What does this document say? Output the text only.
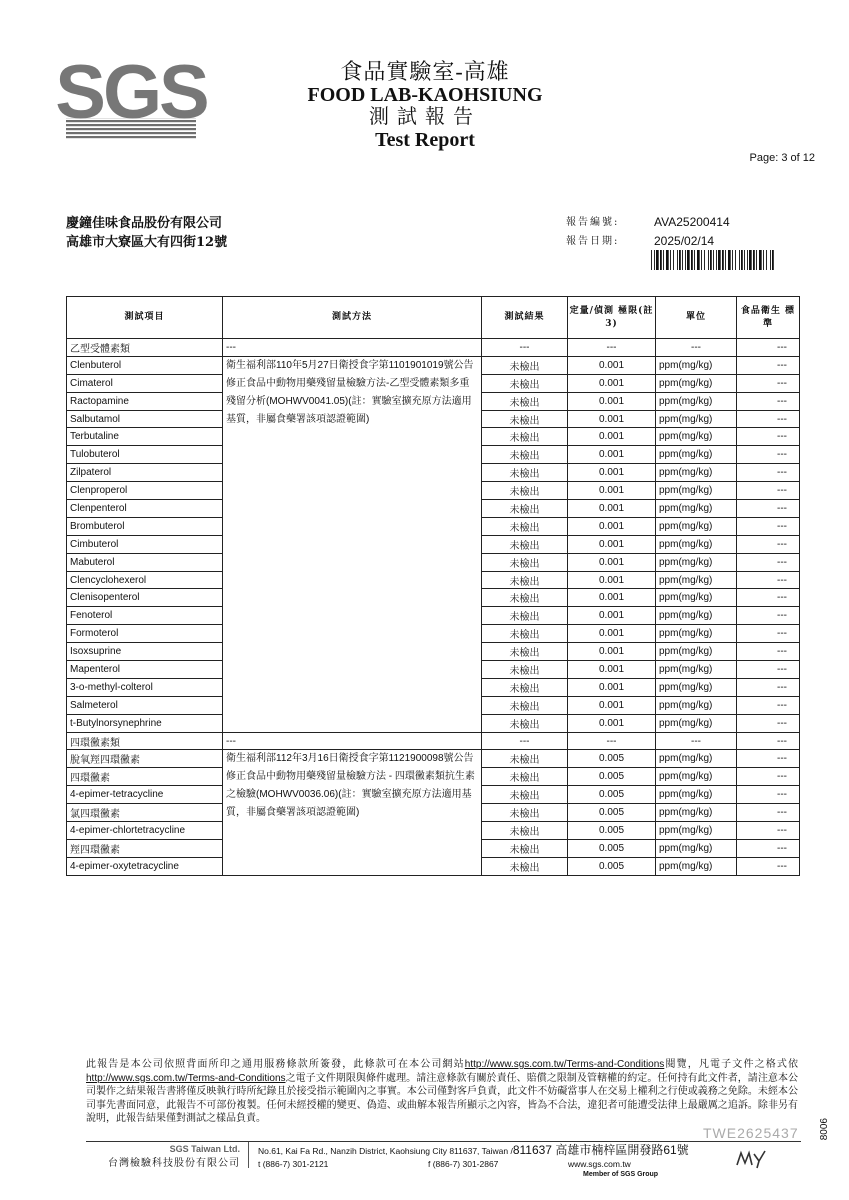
SGS	食品實驗室-高雄
FOOD LAB-KAOHSIUNG
測試報告
Test Report
Page: 3 of 12
慶鐘佳味食品股份有限公司
高雄市大寮區大有四街12號
報告編號:	AVA25200414
報告日期:	2025/02/14
測試項目	測試方法	測試結果	定量/偵測 極限(註3)	單位	食品衛生 標準
乙型受體素類	---	---	---	---	---
Clenbuterol	衛生福利部110年5月27日衛授食字第1101901019號公告修正食品中動物用藥殘留量檢驗方法-乙型受體素類多重殘留分析(MOHWV0041.05)(註：實驗室擴充原方法適用基質，非屬食藥署該項認證範圍)	未檢出	0.001	ppm(mg/kg)	---
Cimaterol		未檢出	0.001	ppm(mg/kg)	---
Ractopamine		未檢出	0.001	ppm(mg/kg)	---
Salbutamol		未檢出	0.001	ppm(mg/kg)	---
Terbutaline		未檢出	0.001	ppm(mg/kg)	---
Tulobuterol		未檢出	0.001	ppm(mg/kg)	---
Zilpaterol		未檢出	0.001	ppm(mg/kg)	---
Clenproperol		未檢出	0.001	ppm(mg/kg)	---
Clenpenterol		未檢出	0.001	ppm(mg/kg)	---
Brombuterol		未檢出	0.001	ppm(mg/kg)	---
Cimbuterol		未檢出	0.001	ppm(mg/kg)	---
Mabuterol		未檢出	0.001	ppm(mg/kg)	---
Clencyclohexerol		未檢出	0.001	ppm(mg/kg)	---
Clenisopenterol		未檢出	0.001	ppm(mg/kg)	---
Fenoterol		未檢出	0.001	ppm(mg/kg)	---
Formoterol		未檢出	0.001	ppm(mg/kg)	---
Isoxsuprine		未檢出	0.001	ppm(mg/kg)	---
Mapenterol		未檢出	0.001	ppm(mg/kg)	---
3-o-methyl-colterol		未檢出	0.001	ppm(mg/kg)	---
Salmeterol		未檢出	0.001	ppm(mg/kg)	---
t-Butylnorsynephrine		未檢出	0.001	ppm(mg/kg)	---
四環黴素類	---	---	---	---	---
脫氧羥四環黴素	衛生福利部112年3月16日衛授食字第1121900098號公告修正食品中動物用藥殘留量檢驗方法 - 四環黴素類抗生素之檢驗(MOHWV0036.06)(註：實驗室擴充原方法適用基質，非屬食藥署該項認證範圍)	未檢出	0.005	ppm(mg/kg)	---
四環黴素		未檢出	0.005	ppm(mg/kg)	---
4-epimer-tetracycline		未檢出	0.005	ppm(mg/kg)	---
氯四環黴素		未檢出	0.005	ppm(mg/kg)	---
4-epimer-chlortetracycline		未檢出	0.005	ppm(mg/kg)	---
羥四環黴素		未檢出	0.005	ppm(mg/kg)	---
4-epimer-oxytetracycline		未檢出	0.005	ppm(mg/kg)	---
此報告是本公司依照背面所印之通用服務條款所簽發，此條款可在本公司網站http://www.sgs.com.tw/Terms-and-Conditions閱覽，凡電子文件之格式依http://www.sgs.com.tw/Terms-and-Conditions之電子文件期限與條件處理。請注意條款有關於責任、賠償之限制及管轄權的約定。任何持有此文件者，請注意本公司製作之結果報告書將僅反映執行時所紀錄且於接受指示範圍內之事實。本公司僅對客戶負責，此文件不妨礙當事人在交易上權利之行使或義務之免除。未經本公司事先書面同意，此報告不可部份複製。任何未經授權的變更、偽造、或曲解本報告所顯示之內容，皆為不合法，違犯者可能遭受法律上最嚴厲之追訴。除非另有說明，此報告結果僅對測試之樣品負責。
TWE2625437 8006
SGS Taiwan Ltd.
台灣檢驗科技股份有限公司
No.61, Kai Fa Rd., Nanzih District, Kaohsiung City 811637, Taiwan /811637 高雄市楠梓區開發路61號
t (886-7) 301-2121	f (886-7) 301-2867	www.sgs.com.tw
Member of SGS Group
